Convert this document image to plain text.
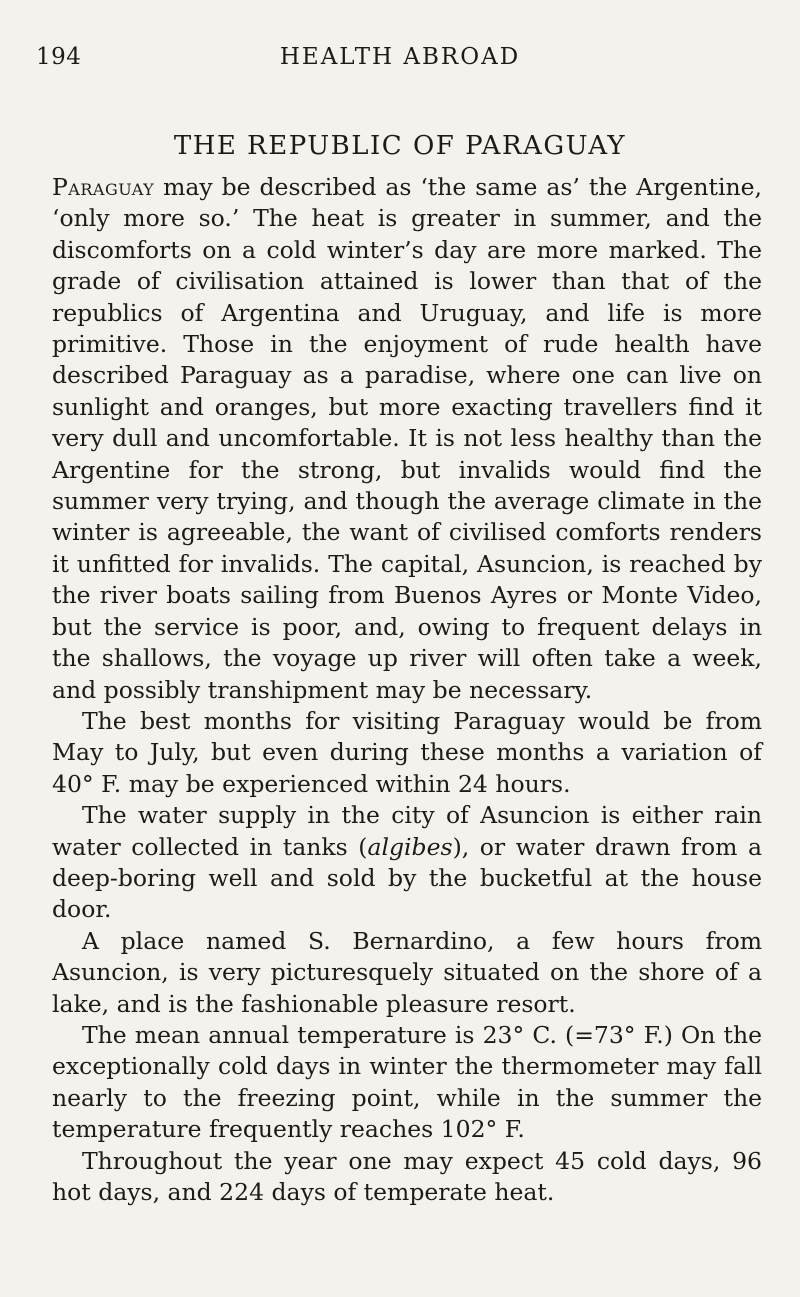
194	HEALTH ABROAD
THE REPUBLIC OF PARAGUAY

Paraguay may be described as ‘the same as’ the Argentine, ‘only more so.’ The heat is greater in summer, and the discomforts on a cold winter’s day are more marked. The grade of civilisation attained is lower than that of the republics of Argentina and Uruguay, and life is more primitive. Those in the enjoyment of rude health have described Paraguay as a paradise, where one can live on sunlight and oranges, but more exacting travellers find it very dull and uncomfortable. It is not less healthy than the Argentine for the strong, but invalids would find the summer very trying, and though the average climate in the winter is agreeable, the want of civilised comforts renders it unfitted for invalids. The capital, Asuncion, is reached by the river boats sailing from Buenos Ayres or Monte Video, but the service is poor, and, owing to frequent delays in the shallows, the voyage up river will often take a week, and possibly transhipment may be necessary.

The best months for visiting Paraguay would be from May to July, but even during these months a variation of 40° F. may be experienced within 24 hours.

The water supply in the city of Asuncion is either rain water collected in tanks (algibes), or water drawn from a deep-boring well and sold by the bucketful at the house door.

A place named S. Bernardino, a few hours from Asuncion, is very picturesquely situated on the shore of a lake, and is the fashionable pleasure resort.

The mean annual temperature is 23° C. (=73° F.) On the exceptionally cold days in winter the thermometer may fall nearly to the freezing point, while in the summer the temperature frequently reaches 102° F.

Throughout the year one may expect 45 cold days, 96 hot days, and 224 days of temperate heat.
